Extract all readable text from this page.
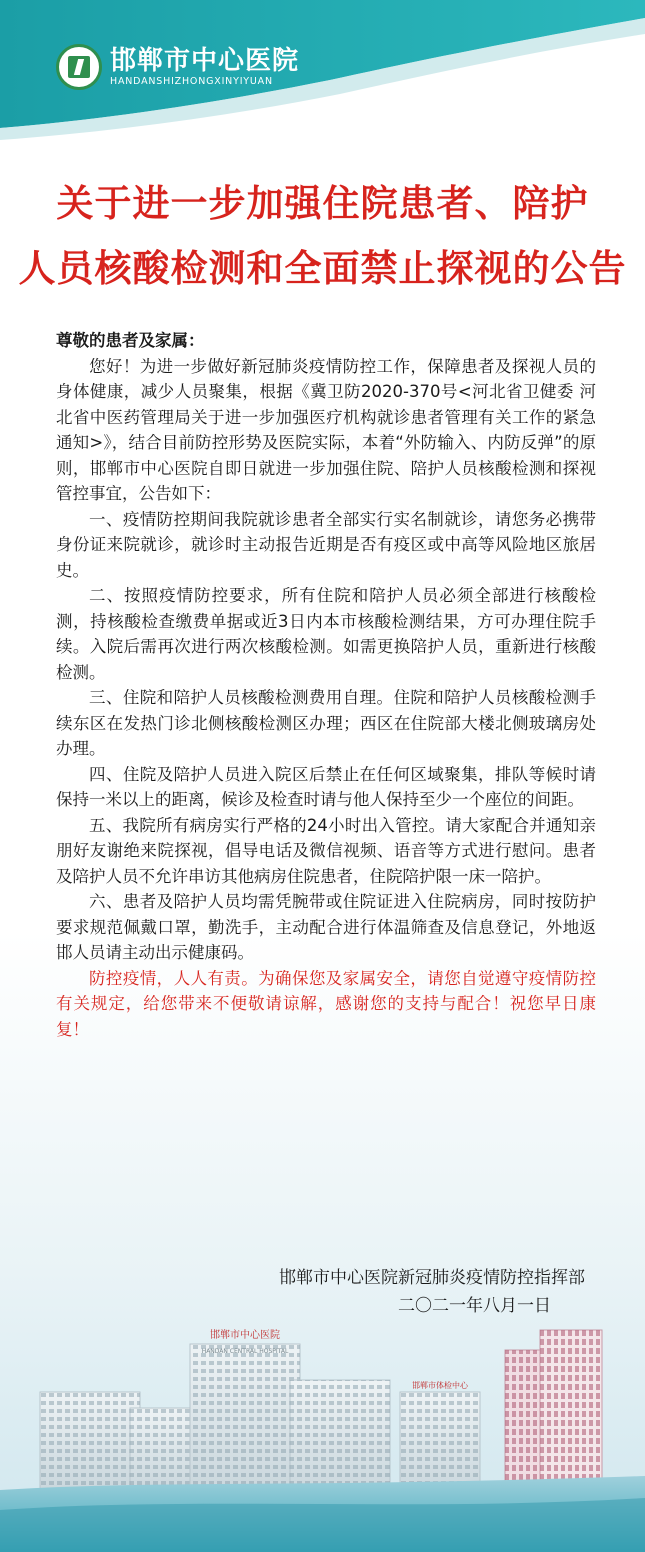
邯郸市中心医院
HANDANSHIZHONGXINYIYUAN
关于进一步加强住院患者、陪护
人员核酸检测和全面禁止探视的公告

尊敬的患者及家属：

您好！为进一步做好新冠肺炎疫情防控工作，保障患者及探视人员的身体健康，减少人员聚集，根据《冀卫防2020-370号<河北省卫健委 河北省中医药管理局关于进一步加强医疗机构就诊患者管理有关工作的紧急通知>》，结合目前防控形势及医院实际，本着“外防输入、内防反弹”的原则，邯郸市中心医院自即日就进一步加强住院、陪护人员核酸检测和探视管控事宜，公告如下：

一、疫情防控期间我院就诊患者全部实行实名制就诊，请您务必携带身份证来院就诊，就诊时主动报告近期是否有疫区或中高等风险地区旅居史。

二、按照疫情防控要求，所有住院和陪护人员必须全部进行核酸检测，持核酸检查缴费单据或近3日内本市核酸检测结果，方可办理住院手续。入院后需再次进行两次核酸检测。如需更换陪护人员，重新进行核酸检测。

三、住院和陪护人员核酸检测费用自理。住院和陪护人员核酸检测手续东区在发热门诊北侧核酸检测区办理；西区在住院部大楼北侧玻璃房处办理。

四、住院及陪护人员进入院区后禁止在任何区域聚集，排队等候时请保持一米以上的距离，候诊及检查时请与他人保持至少一个座位的间距。

五、我院所有病房实行严格的24小时出入管控。请大家配合并通知亲朋好友谢绝来院探视，倡导电话及微信视频、语音等方式进行慰问。患者及陪护人员不允许串访其他病房住院患者，住院陪护限一床一陪护。

六、患者及陪护人员均需凭腕带或住院证进入住院病房，同时按防护要求规范佩戴口罩，勤洗手，主动配合进行体温筛查及信息登记，外地返邯人员请主动出示健康码。

防控疫情，人人有责。为确保您及家属安全，请您自觉遵守疫情防控有关规定，给您带来不便敬请谅解，感谢您的支持与配合！祝您早日康复！

邯郸市中心医院新冠肺炎疫情防控指挥部
二〇二一年八月一日
邯郸市中心医院
HANDAN CENTRAL HOSPITAL
邯郸市体检中心
